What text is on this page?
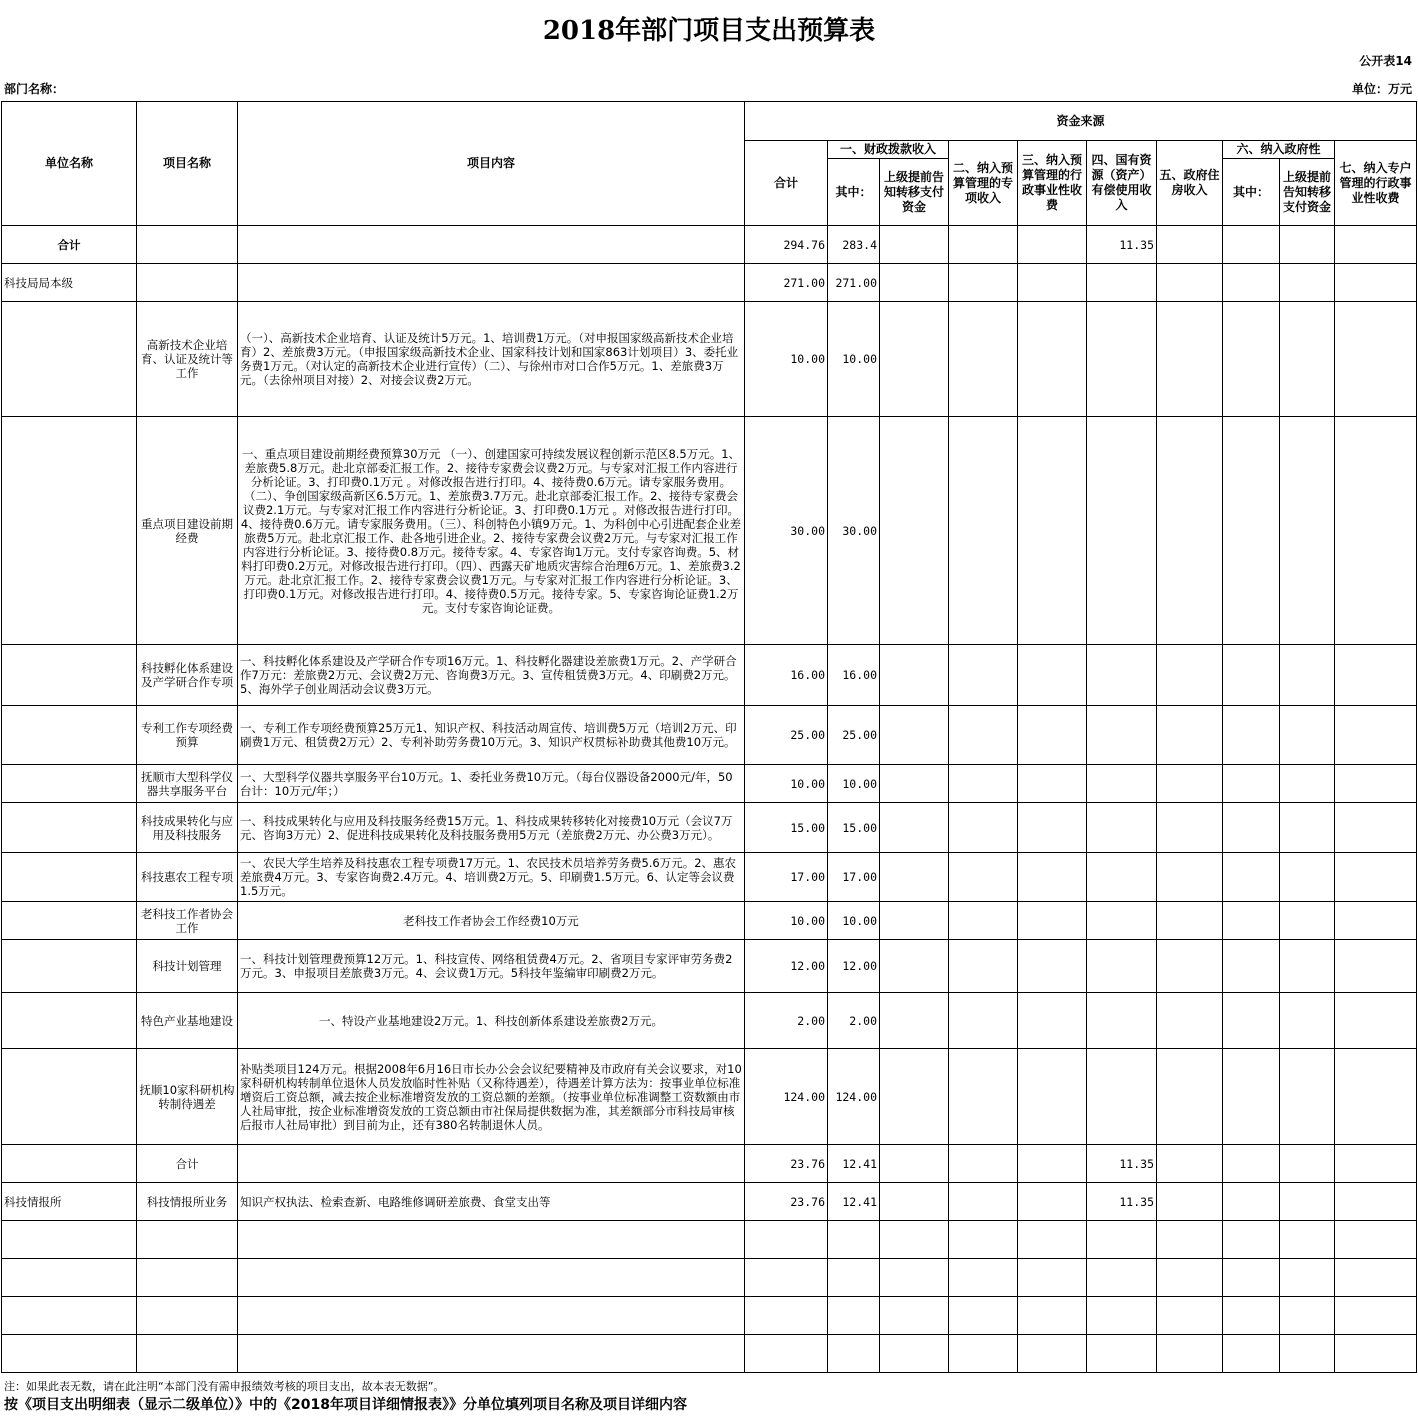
2018年部门项目支出预算表
公开表14
部门名称：	单位：万元
单位名称	项目名称	项目内容	资金来源									
			合计	一、财政拨款收入		二、纳入预算管理的专项收入	三、纳入预算管理的行政事业性收费	四、国有资源（资产）有偿使用收入	五、政府住房收入	六、纳入政府性		七、纳入专户管理的行政事业性收费
				其中：	上级提前告知转移支付资金					其中：	上级提前告知转移支付资金	
合计			294.76	283.4				11.35				
科技局局本级			271.00	271.00								
	高新技术企业培育、认证及统计等工作	（一）、高新技术企业培育、认证及统计5万元。1、培训费1万元。（对申报国家级高新技术企业培育）2、差旅费3万元。（申报国家级高新技术企业、国家科技计划和国家863计划项目）3、委托业务费1万元。（对认定的高新技术企业进行宣传）（二）、与徐州市对口合作5万元。1、差旅费3万元。（去徐州项目对接）2、对接会议费2万元。	10.00	10.00								
	重点项目建设前期经费	一、重点项目建设前期经费预算30万元 （一）、创建国家可持续发展议程创新示范区8.5万元。1、差旅费5.8万元。赴北京部委汇报工作。2、接待专家费会议费2万元。与专家对汇报工作内容进行分析论证。3、打印费0.1万元 。对修改报告进行打印。4、接待费0.6万元。请专家服务费用。 （二）、争创国家级高新区6.5万元。1、差旅费3.7万元。赴北京部委汇报工作。2、接待专家费会议费2.1万元。与专家对汇报工作内容进行分析论证。3、打印费0.1万元 。对修改报告进行打印。4、接待费0.6万元。请专家服务费用。（三）、科创特色小镇9万元。1、为科创中心引进配套企业差旅费5万元。赴北京汇报工作、赴各地引进企业。2、接待专家费会议费2万元。与专家对汇报工作内容进行分析论证。3、接待费0.8万元。接待专家。4、专家咨询1万元。支付专家咨询费。5、材料打印费0.2万元。对修改报告进行打印。（四）、西露天矿地质灾害综合治理6万元。1、差旅费3.2万元。赴北京汇报工作。2、接待专家费会议费1万元。与专家对汇报工作内容进行分析论证。3、打印费0.1万元。对修改报告进行打印。4、接待费0.5万元。接待专家。5、专家咨询论证费1.2万元。支付专家咨询论证费。	30.00	30.00								
	科技孵化体系建设及产学研合作专项	一、科技孵化体系建设及产学研合作专项16万元。1、科技孵化器建设差旅费1万元。2、产学研合作7万元：差旅费2万元、会议费2万元、咨询费3万元。3、宣传租赁费3万元。4、印刷费2万元。5、海外学子创业周活动会议费3万元。	16.00	16.00								
	专利工作专项经费预算	一、专利工作专项经费预算25万元1、知识产权、科技活动周宣传、培训费5万元（培训2万元、印刷费1万元、租赁费2万元）2、专利补助劳务费10万元。3、知识产权贯标补助费其他费10万元。	25.00	25.00								
	抚顺市大型科学仪器共享服务平台	一、大型科学仪器共享服务平台10万元。1、委托业务费10万元。（每台仪器设备2000元/年，50台计：10万元/年；）	10.00	10.00								
	科技成果转化与应用及科技服务	一、科技成果转化与应用及科技服务经费15万元。1、科技成果转移转化对接费10万元（会议7万元、咨询3万元）2、促进科技成果转化及科技服务费用5万元（差旅费2万元、办公费3万元）。	15.00	15.00								
	科技惠农工程专项	一、农民大学生培养及科技惠农工程专项费17万元。1、农民技术员培养劳务费5.6万元。2、惠农差旅费4万元。3、专家咨询费2.4万元。4、培训费2万元。5、印刷费1.5万元。6、认定等会议费1.5万元。	17.00	17.00								
	老科技工作者协会工作	老科技工作者协会工作经费10万元	10.00	10.00								
	科技计划管理	一、科技计划管理费预算12万元。1、科技宣传、网络租赁费4万元。2、省项目专家评审劳务费2万元。3、申报项目差旅费3万元。4、会议费1万元。5科技年鉴编审印刷费2万元。	12.00	12.00								
	特色产业基地建设	一、特设产业基地建设2万元。1、科技创新体系建设差旅费2万元。	2.00	2.00								
	抚顺10家科研机构转制待遇差	补贴类项目124万元。根据2008年6月16日市长办公会会议纪要精神及市政府有关会议要求，对10家科研机构转制单位退休人员发放临时性补贴（又称待遇差），待遇差计算方法为：按事业单位标准增资后工资总额，减去按企业标准增资发放的工资总额的差额。（按事业单位标准调整工资数额由市人社局审批，按企业标准增资发放的工资总额由市社保局提供数据为准，其差额部分市科技局审核后报市人社局审批）到目前为止，还有380名转制退休人员。	124.00	124.00								
	合计		23.76	12.41				11.35				
科技情报所	科技情报所业务	知识产权执法、检索查新、电路维修调研差旅费、食堂支出等	23.76	12.41				11.35				

注：如果此表无数，请在此注明“本部门没有需申报绩效考核的项目支出，故本表无数据”。
按《项目支出明细表（显示二级单位）》中的《2018年项目详细情报表》》分单位填列项目名称及项目详细内容
